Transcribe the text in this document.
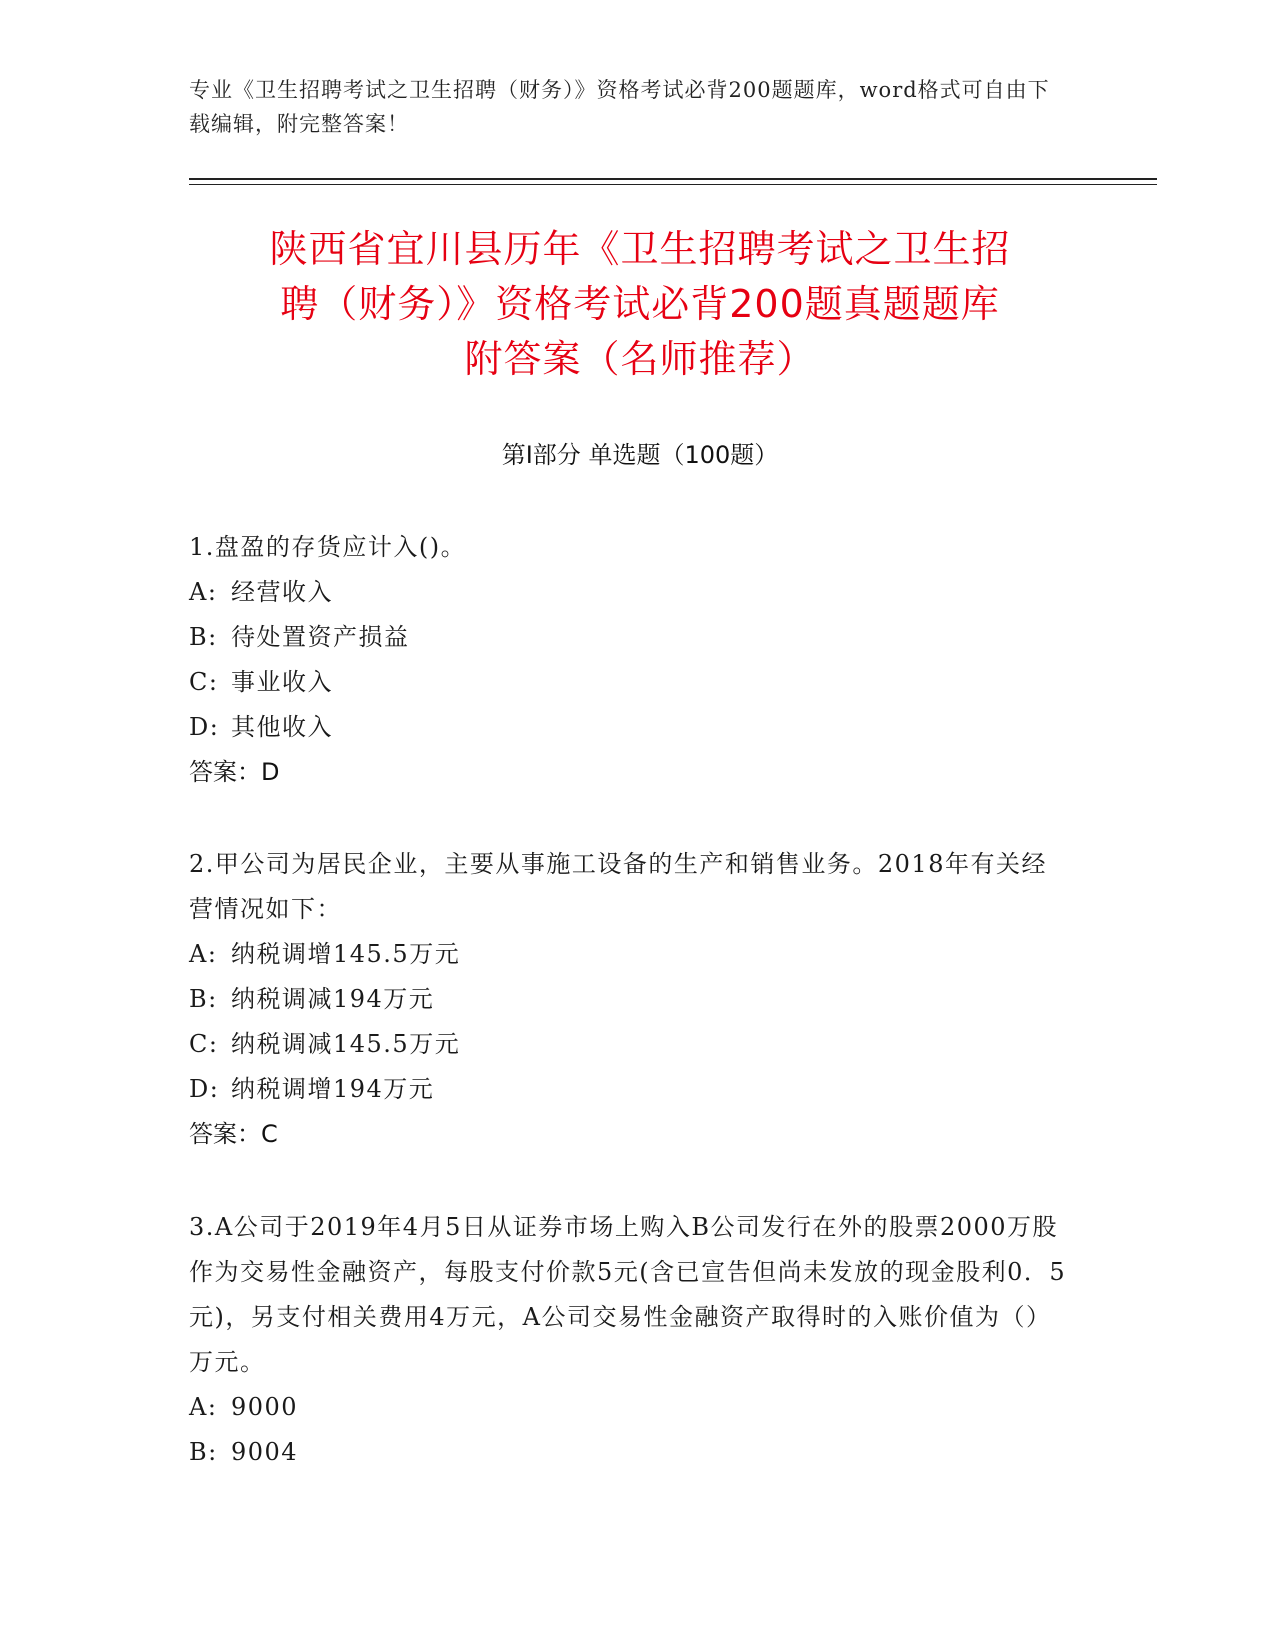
专业《卫生招聘考试之卫生招聘（财务）》资格考试必背200题题库，word格式可自由下载编辑，附完整答案！
陕西省宜川县历年《卫生招聘考试之卫生招
聘（财务）》资格考试必背200题真题题库
附答案（名师推荐）
第Ⅰ部分 单选题（100题）

1.盘盈的存货应计入()。

A: 经营收入

B: 待处置资产损益

C: 事业收入

D: 其他收入

答案：D

2.甲公司为居民企业，主要从事施工设备的生产和销售业务。2018年有关经营情况如下：

A: 纳税调增145.5万元

B: 纳税调减194万元

C: 纳税调减145.5万元

D: 纳税调增194万元

答案：C

3.A公司于2019年4月5日从证券市场上购入B公司发行在外的股票2000万股作为交易性金融资产，每股支付价款5元(含已宣告但尚未发放的现金股利0．5元)，另支付相关费用4万元，A公司交易性金融资产取得时的入账价值为（）万元。

A: 9000

B: 9004
